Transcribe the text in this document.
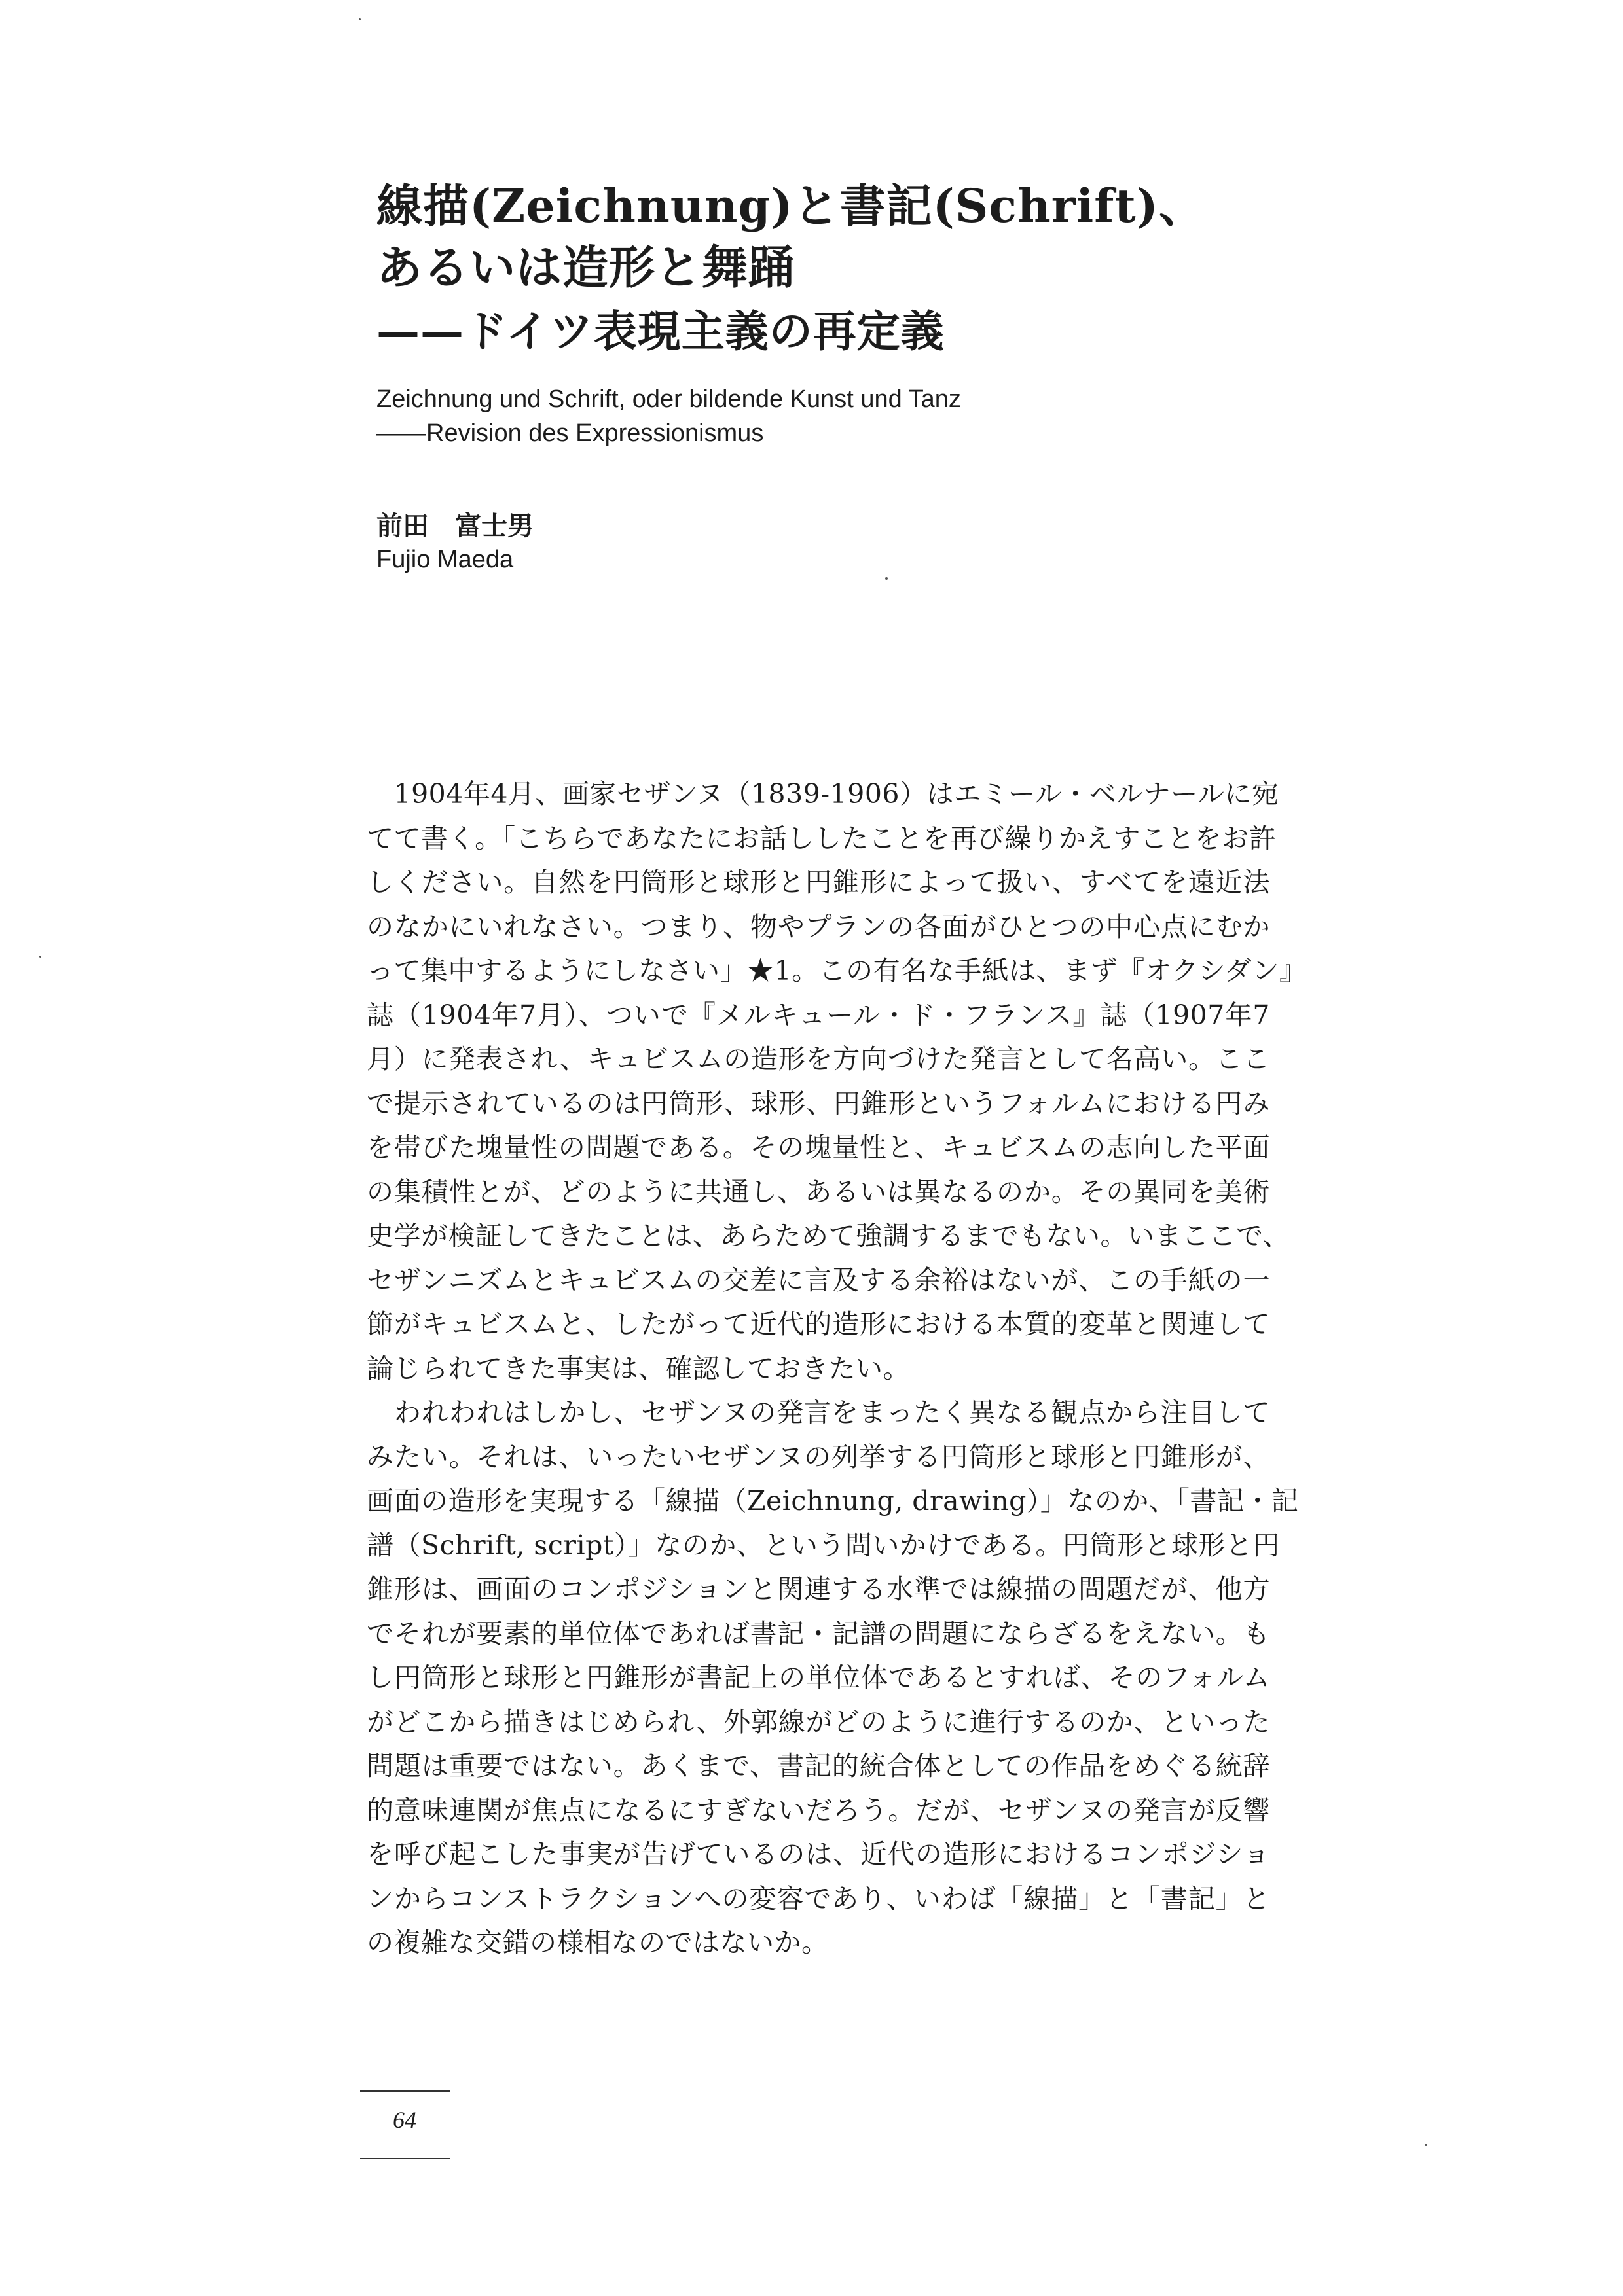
線描(Zeichnung)と書記(Schrift)、
あるいは造形と舞踊
——ドイツ表現主義の再定義
Zeichnung und Schrift, oder bildende Kunst und Tanz
——Revision des Expressionismus
前田　富士男
Fujio Maeda
　1904年4月、画家セザンヌ（1839-1906）はエミール・ベルナールに宛
てて書く。「こちらであなたにお話ししたことを再び繰りかえすことをお許
しください。自然を円筒形と球形と円錐形によって扱い、すべてを遠近法
のなかにいれなさい。つまり、物やプランの各面がひとつの中心点にむか
って集中するようにしなさい」★1。この有名な手紙は、まず『オクシダン』
誌（1904年7月）、ついで『メルキュール・ド・フランス』誌（1907年7
月）に発表され、キュビスムの造形を方向づけた発言として名高い。ここ
で提示されているのは円筒形、球形、円錐形というフォルムにおける円み
を帯びた塊量性の問題である。その塊量性と、キュビスムの志向した平面
の集積性とが、どのように共通し、あるいは異なるのか。その異同を美術
史学が検証してきたことは、あらためて強調するまでもない。いまここで、
セザンニズムとキュビスムの交差に言及する余裕はないが、この手紙の一
節がキュビスムと、したがって近代的造形における本質的変革と関連して
論じられてきた事実は、確認しておきたい。
　われわれはしかし、セザンヌの発言をまったく異なる観点から注目して
みたい。それは、いったいセザンヌの列挙する円筒形と球形と円錐形が、
画面の造形を実現する「線描（Zeichnung, drawing）」なのか、「書記・記
譜（Schrift, script）」なのか、という問いかけである。円筒形と球形と円
錐形は、画面のコンポジションと関連する水準では線描の問題だが、他方
でそれが要素的単位体であれば書記・記譜の問題にならざるをえない。も
し円筒形と球形と円錐形が書記上の単位体であるとすれば、そのフォルム
がどこから描きはじめられ、外郭線がどのように進行するのか、といった
問題は重要ではない。あくまで、書記的統合体としての作品をめぐる統辞
的意味連関が焦点になるにすぎないだろう。だが、セザンヌの発言が反響
を呼び起こした事実が告げているのは、近代の造形におけるコンポジショ
ンからコンストラクションへの変容であり、いわば「線描」と「書記」と
の複雑な交錯の様相なのではないか。
64
